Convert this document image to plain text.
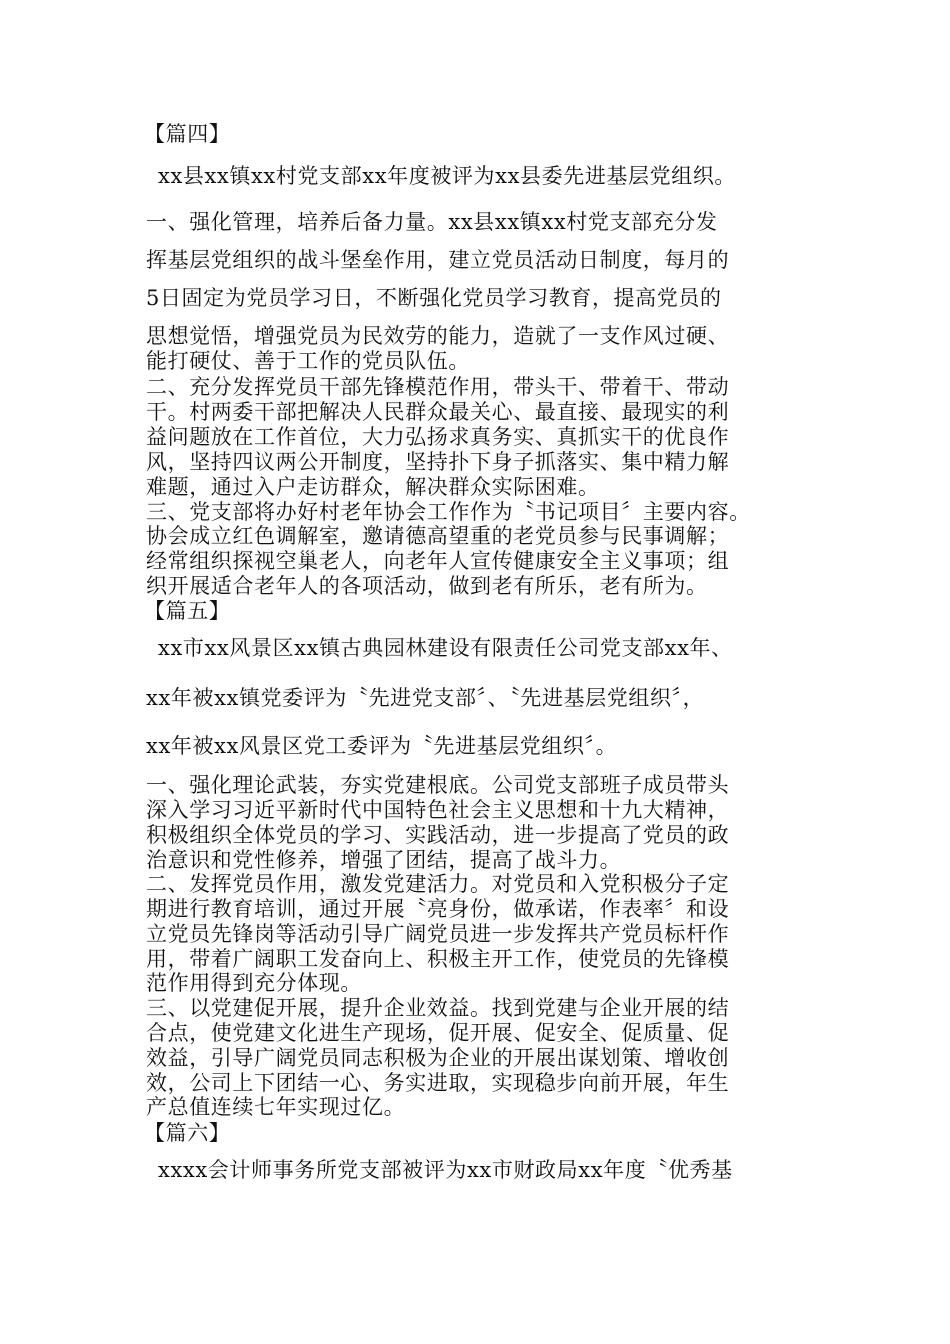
【篇四】
xx县xx镇xx村党支部xx年度被评为xx县委先进基层党组织。
一、强化管理，培养后备力量。xx县xx镇xx村党支部充分发
挥基层党组织的战斗堡垒作用，建立党员活动日制度，每月的
5日固定为党员学习日，不断强化党员学习教育，提高党员的
思想觉悟，增强党员为民效劳的能力，造就了一支作风过硬、
能打硬仗、善于工作的党员队伍。
二、充分发挥党员干部先锋模范作用，带头干、带着干、带动
干。村两委干部把解决人民群众最关心、最直接、最现实的利
益问题放在工作首位，大力弘扬求真务实、真抓实干的优良作
风，坚持四议两公开制度，坚持扑下身子抓落实、集中精力解
难题，通过入户走访群众，解决群众实际困难。
三、党支部将办好村老年协会工作作为〝书记项目〞主要内容。
协会成立红色调解室，邀请德高望重的老党员参与民事调解；
经常组织探视空巢老人，向老年人宣传健康安全主义事项；组
织开展适合老年人的各项活动，做到老有所乐，老有所为。
【篇五】
xx市xx风景区xx镇古典园林建设有限责任公司党支部xx年、
xx年被xx镇党委评为〝先进党支部〞、〝先进基层党组织〞，
xx年被xx风景区党工委评为〝先进基层党组织〞。
一、强化理论武装，夯实党建根底。公司党支部班子成员带头
深入学习习近平新时代中国特色社会主义思想和十九大精神，
积极组织全体党员的学习、实践活动，进一步提高了党员的政
治意识和党性修养，增强了团结，提高了战斗力。
二、发挥党员作用，激发党建活力。对党员和入党积极分子定
期进行教育培训，通过开展〝亮身份，做承诺，作表率〞和设
立党员先锋岗等活动引导广阔党员进一步发挥共产党员标杆作
用，带着广阔职工发奋向上、积极主开工作，使党员的先锋模
范作用得到充分体现。
三、以党建促开展，提升企业效益。找到党建与企业开展的结
合点，使党建文化进生产现场，促开展、促安全、促质量、促
效益，引导广阔党员同志积极为企业的开展出谋划策、增收创
效，公司上下团结一心、务实进取，实现稳步向前开展，年生
产总值连续七年实现过亿。
【篇六】
xxxx会计师事务所党支部被评为xx市财政局xx年度〝优秀基
